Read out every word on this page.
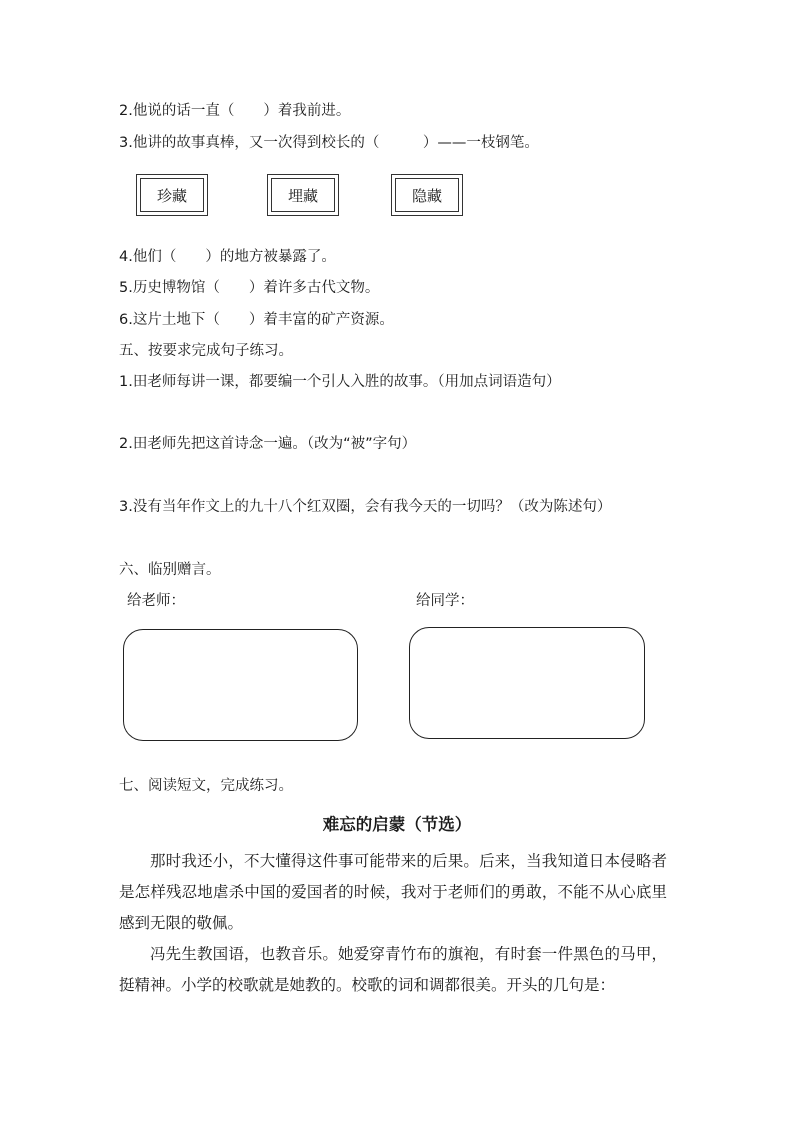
2.他说的话一直（　　）着我前进。
3.他讲的故事真棒，又一次得到校长的（　　　）——一枝钢笔。
珍藏	埋藏	隐藏
4.他们（　　）的地方被暴露了。
5.历史博物馆（　　）着许多古代文物。
6.这片土地下（　　）着丰富的矿产资源。
五、按要求完成句子练习。
1.田老师每讲一课，都要编一个引人入胜的故事。（用加点词语造句）
2.田老师先把这首诗念一遍。（改为“被”字句）
3.没有当年作文上的九十八个红双圈，会有我今天的一切吗？（改为陈述句）
六、临别赠言。
给老师：	给同学：
七、阅读短文，完成练习。
难忘的启蒙（节选）
那时我还小，不大懂得这件事可能带来的后果。后来，当我知道日本侵略者是怎样残忍地虐杀中国的爱国者的时候，我对于老师们的勇敢，不能不从心底里感到无限的敬佩。
冯先生教国语，也教音乐。她爱穿青竹布的旗袍，有时套一件黑色的马甲，挺精神。小学的校歌就是她教的。校歌的词和调都很美。开头的几句是：
